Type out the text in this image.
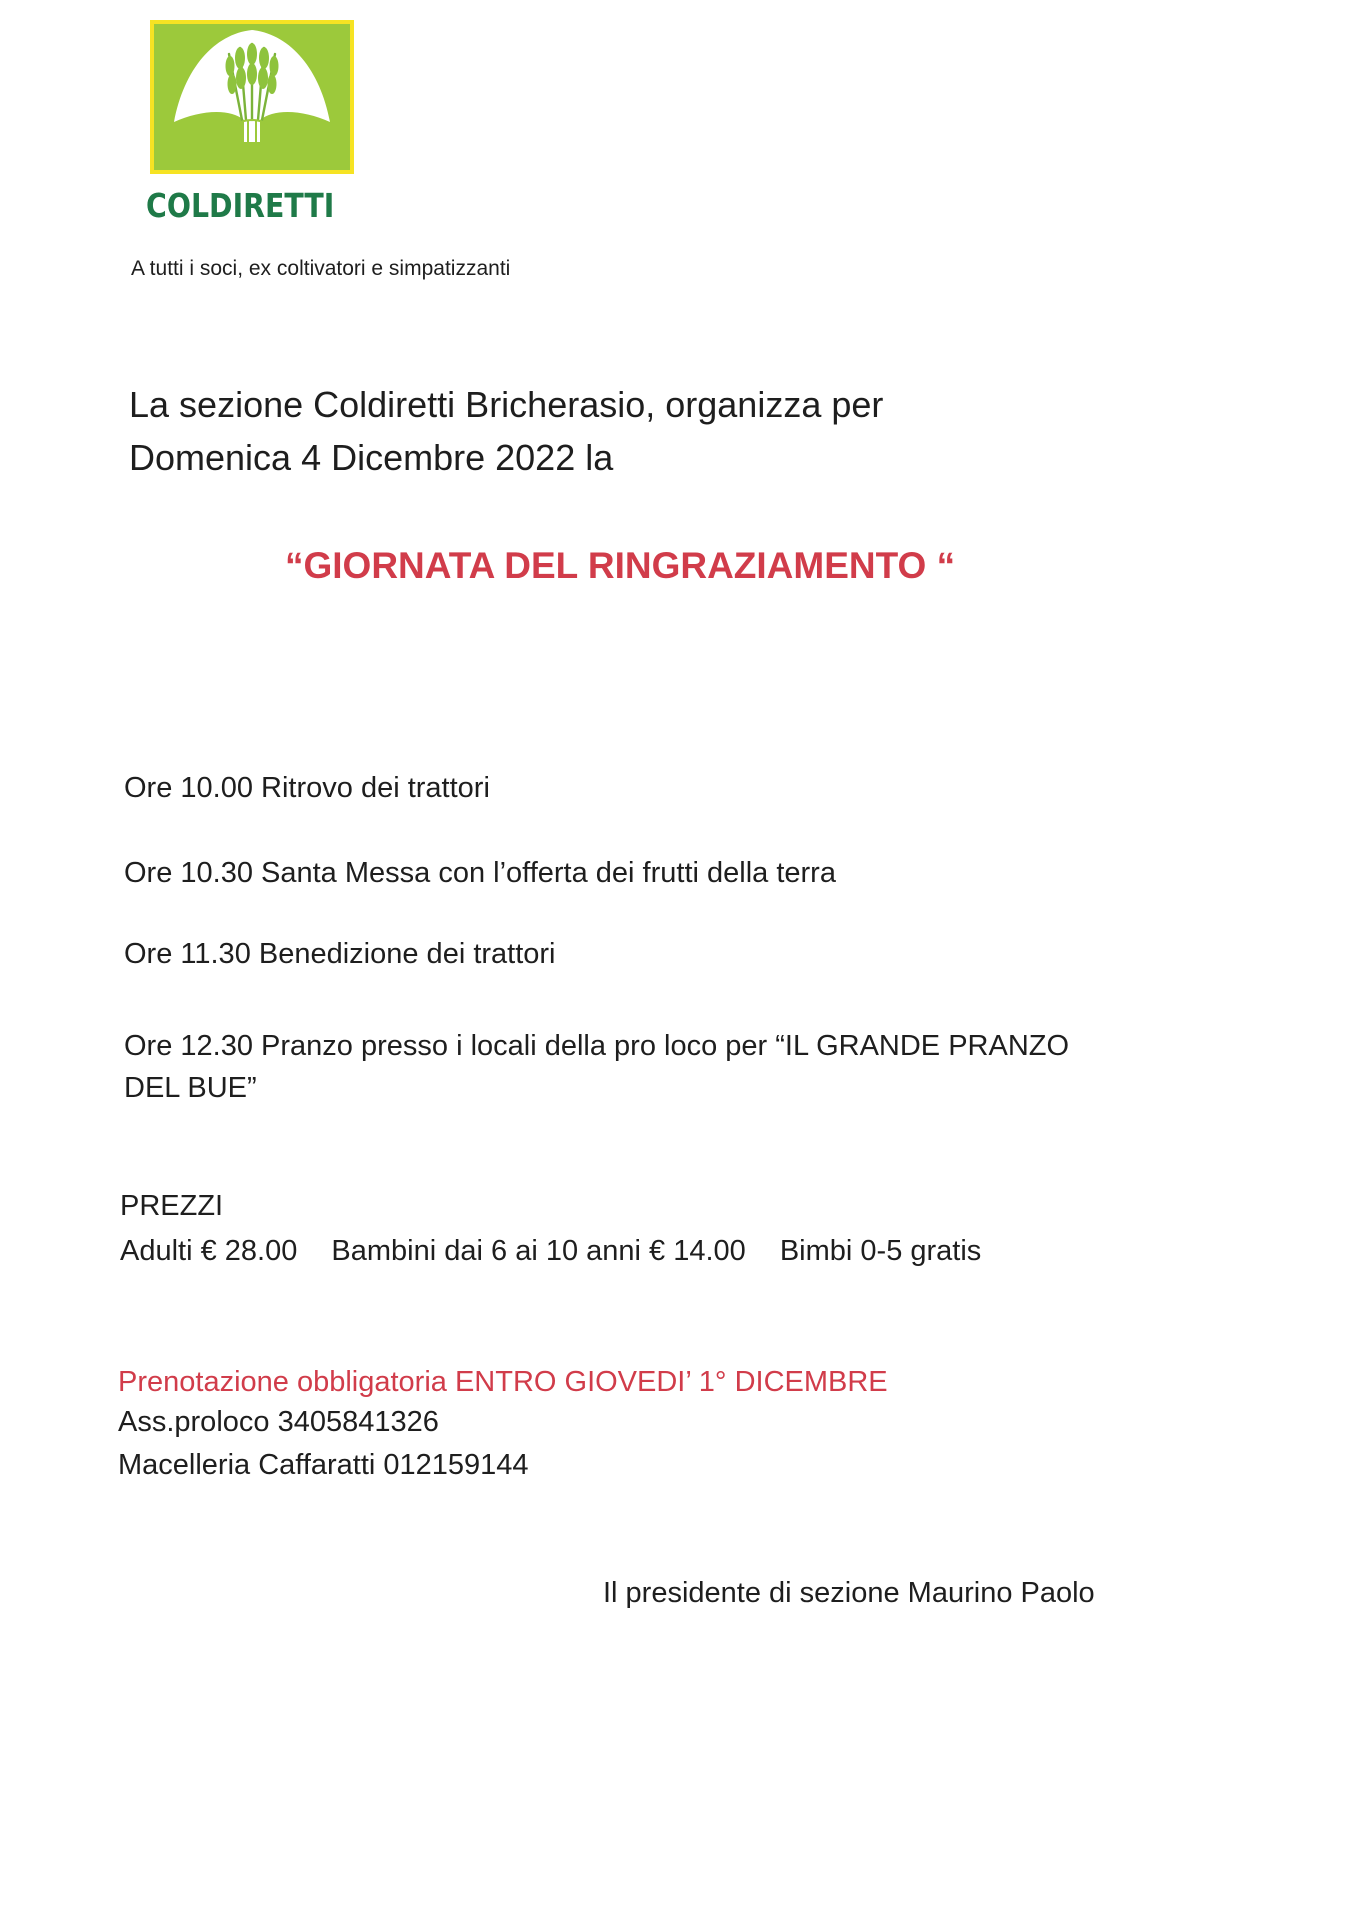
COLDIRETTI
A tutti i soci, ex coltivatori e simpatizzanti
La sezione Coldiretti Bricherasio, organizza per
Domenica 4 Dicembre 2022 la
“GIORNATA DEL RINGRAZIAMENTO “
Ore 10.00 Ritrovo dei trattori
Ore 10.30 Santa Messa con l’offerta dei frutti della terra
Ore 11.30 Benedizione dei trattori
Ore 12.30 Pranzo presso i locali della pro loco per “IL GRANDE PRANZO DEL BUE”
PREZZI
Adulti € 28.00 Bambini dai 6 ai 10 anni € 14.00 Bimbi 0-5 gratis
Prenotazione obbligatoria ENTRO GIOVEDI’ 1° DICEMBRE
Ass.proloco 3405841326
Macelleria Caffaratti 012159144
Il presidente di sezione Maurino Paolo
